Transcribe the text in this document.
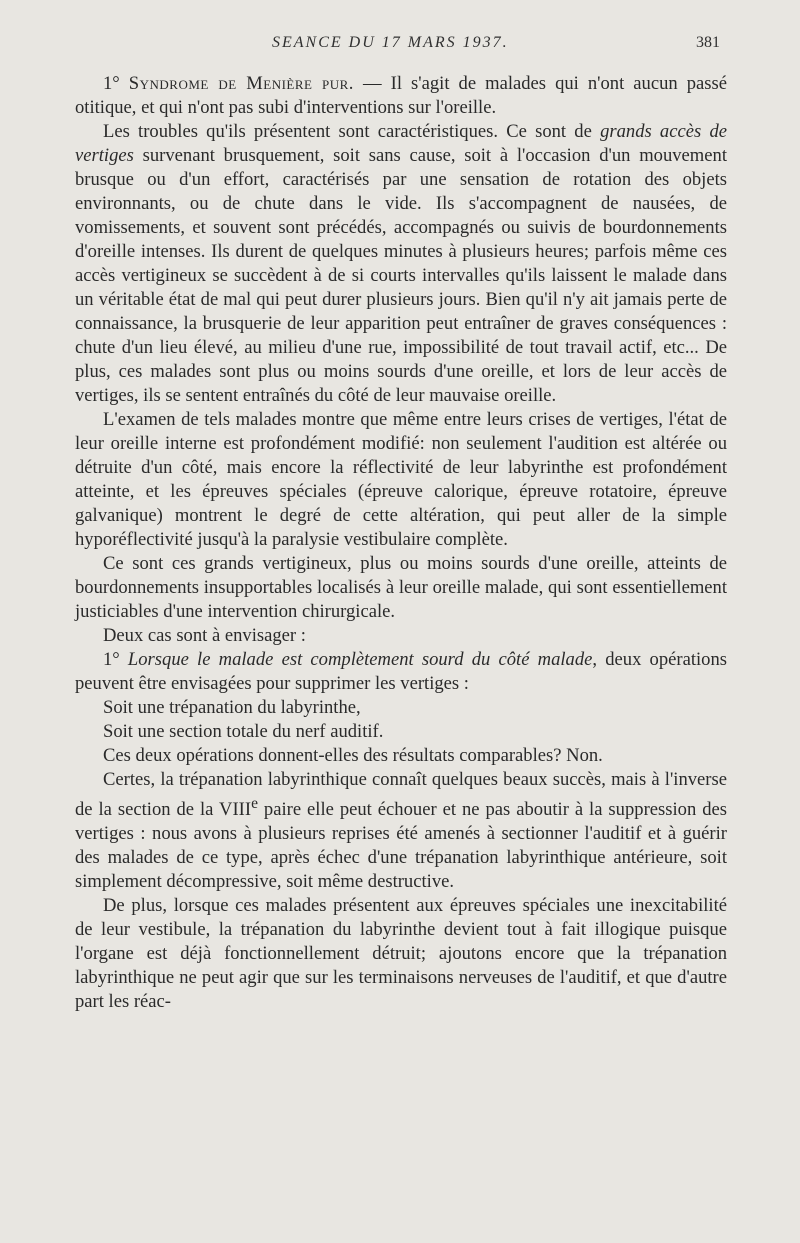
SEANCE DU 17 MARS 1937.	381

1° Syndrome de Menière pur. — Il s'agit de malades qui n'ont aucun passé otitique, et qui n'ont pas subi d'interventions sur l'oreille.

Les troubles qu'ils présentent sont caractéristiques. Ce sont de grands accès de vertiges survenant brusquement, soit sans cause, soit à l'occasion d'un mouvement brusque ou d'un effort, caractérisés par une sensation de rotation des objets environnants, ou de chute dans le vide. Ils s'accompagnent de nausées, de vomissements, et souvent sont précédés, accompagnés ou suivis de bourdonnements d'oreille intenses. Ils durent de quelques minutes à plusieurs heures; parfois même ces accès vertigineux se succèdent à de si courts intervalles qu'ils laissent le malade dans un véritable état de mal qui peut durer plusieurs jours. Bien qu'il n'y ait jamais perte de connaissance, la brusquerie de leur apparition peut entraîner de graves conséquences : chute d'un lieu élevé, au milieu d'une rue, impossibilité de tout travail actif, etc... De plus, ces malades sont plus ou moins sourds d'une oreille, et lors de leur accès de vertiges, ils se sentent entraînés du côté de leur mauvaise oreille.

L'examen de tels malades montre que même entre leurs crises de vertiges, l'état de leur oreille interne est profondément modifié: non seulement l'audition est altérée ou détruite d'un côté, mais encore la réflectivité de leur labyrinthe est profondément atteinte, et les épreuves spéciales (épreuve calorique, épreuve rotatoire, épreuve galvanique) montrent le degré de cette altération, qui peut aller de la simple hyporéflectivité jusqu'à la paralysie vestibulaire complète.

Ce sont ces grands vertigineux, plus ou moins sourds d'une oreille, atteints de bourdonnements insupportables localisés à leur oreille malade, qui sont essentiellement justiciables d'une intervention chirurgicale.

Deux cas sont à envisager :

1° Lorsque le malade est complètement sourd du côté malade, deux opérations peuvent être envisagées pour supprimer les vertiges :

Soit une trépanation du labyrinthe,

Soit une section totale du nerf auditif.

Ces deux opérations donnent-elles des résultats comparables? Non.

Certes, la trépanation labyrinthique connaît quelques beaux succès, mais à l'inverse de la section de la VIIIe paire elle peut échouer et ne pas aboutir à la suppression des vertiges : nous avons à plusieurs reprises été amenés à sectionner l'auditif et à guérir des malades de ce type, après échec d'une trépanation labyrinthique antérieure, soit simplement décompressive, soit même destructive.

De plus, lorsque ces malades présentent aux épreuves spéciales une inexcitabilité de leur vestibule, la trépanation du labyrinthe devient tout à fait illogique puisque l'organe est déjà fonctionnellement détruit; ajoutons encore que la trépanation labyrinthique ne peut agir que sur les terminaisons nerveuses de l'auditif, et que d'autre part les réac-
